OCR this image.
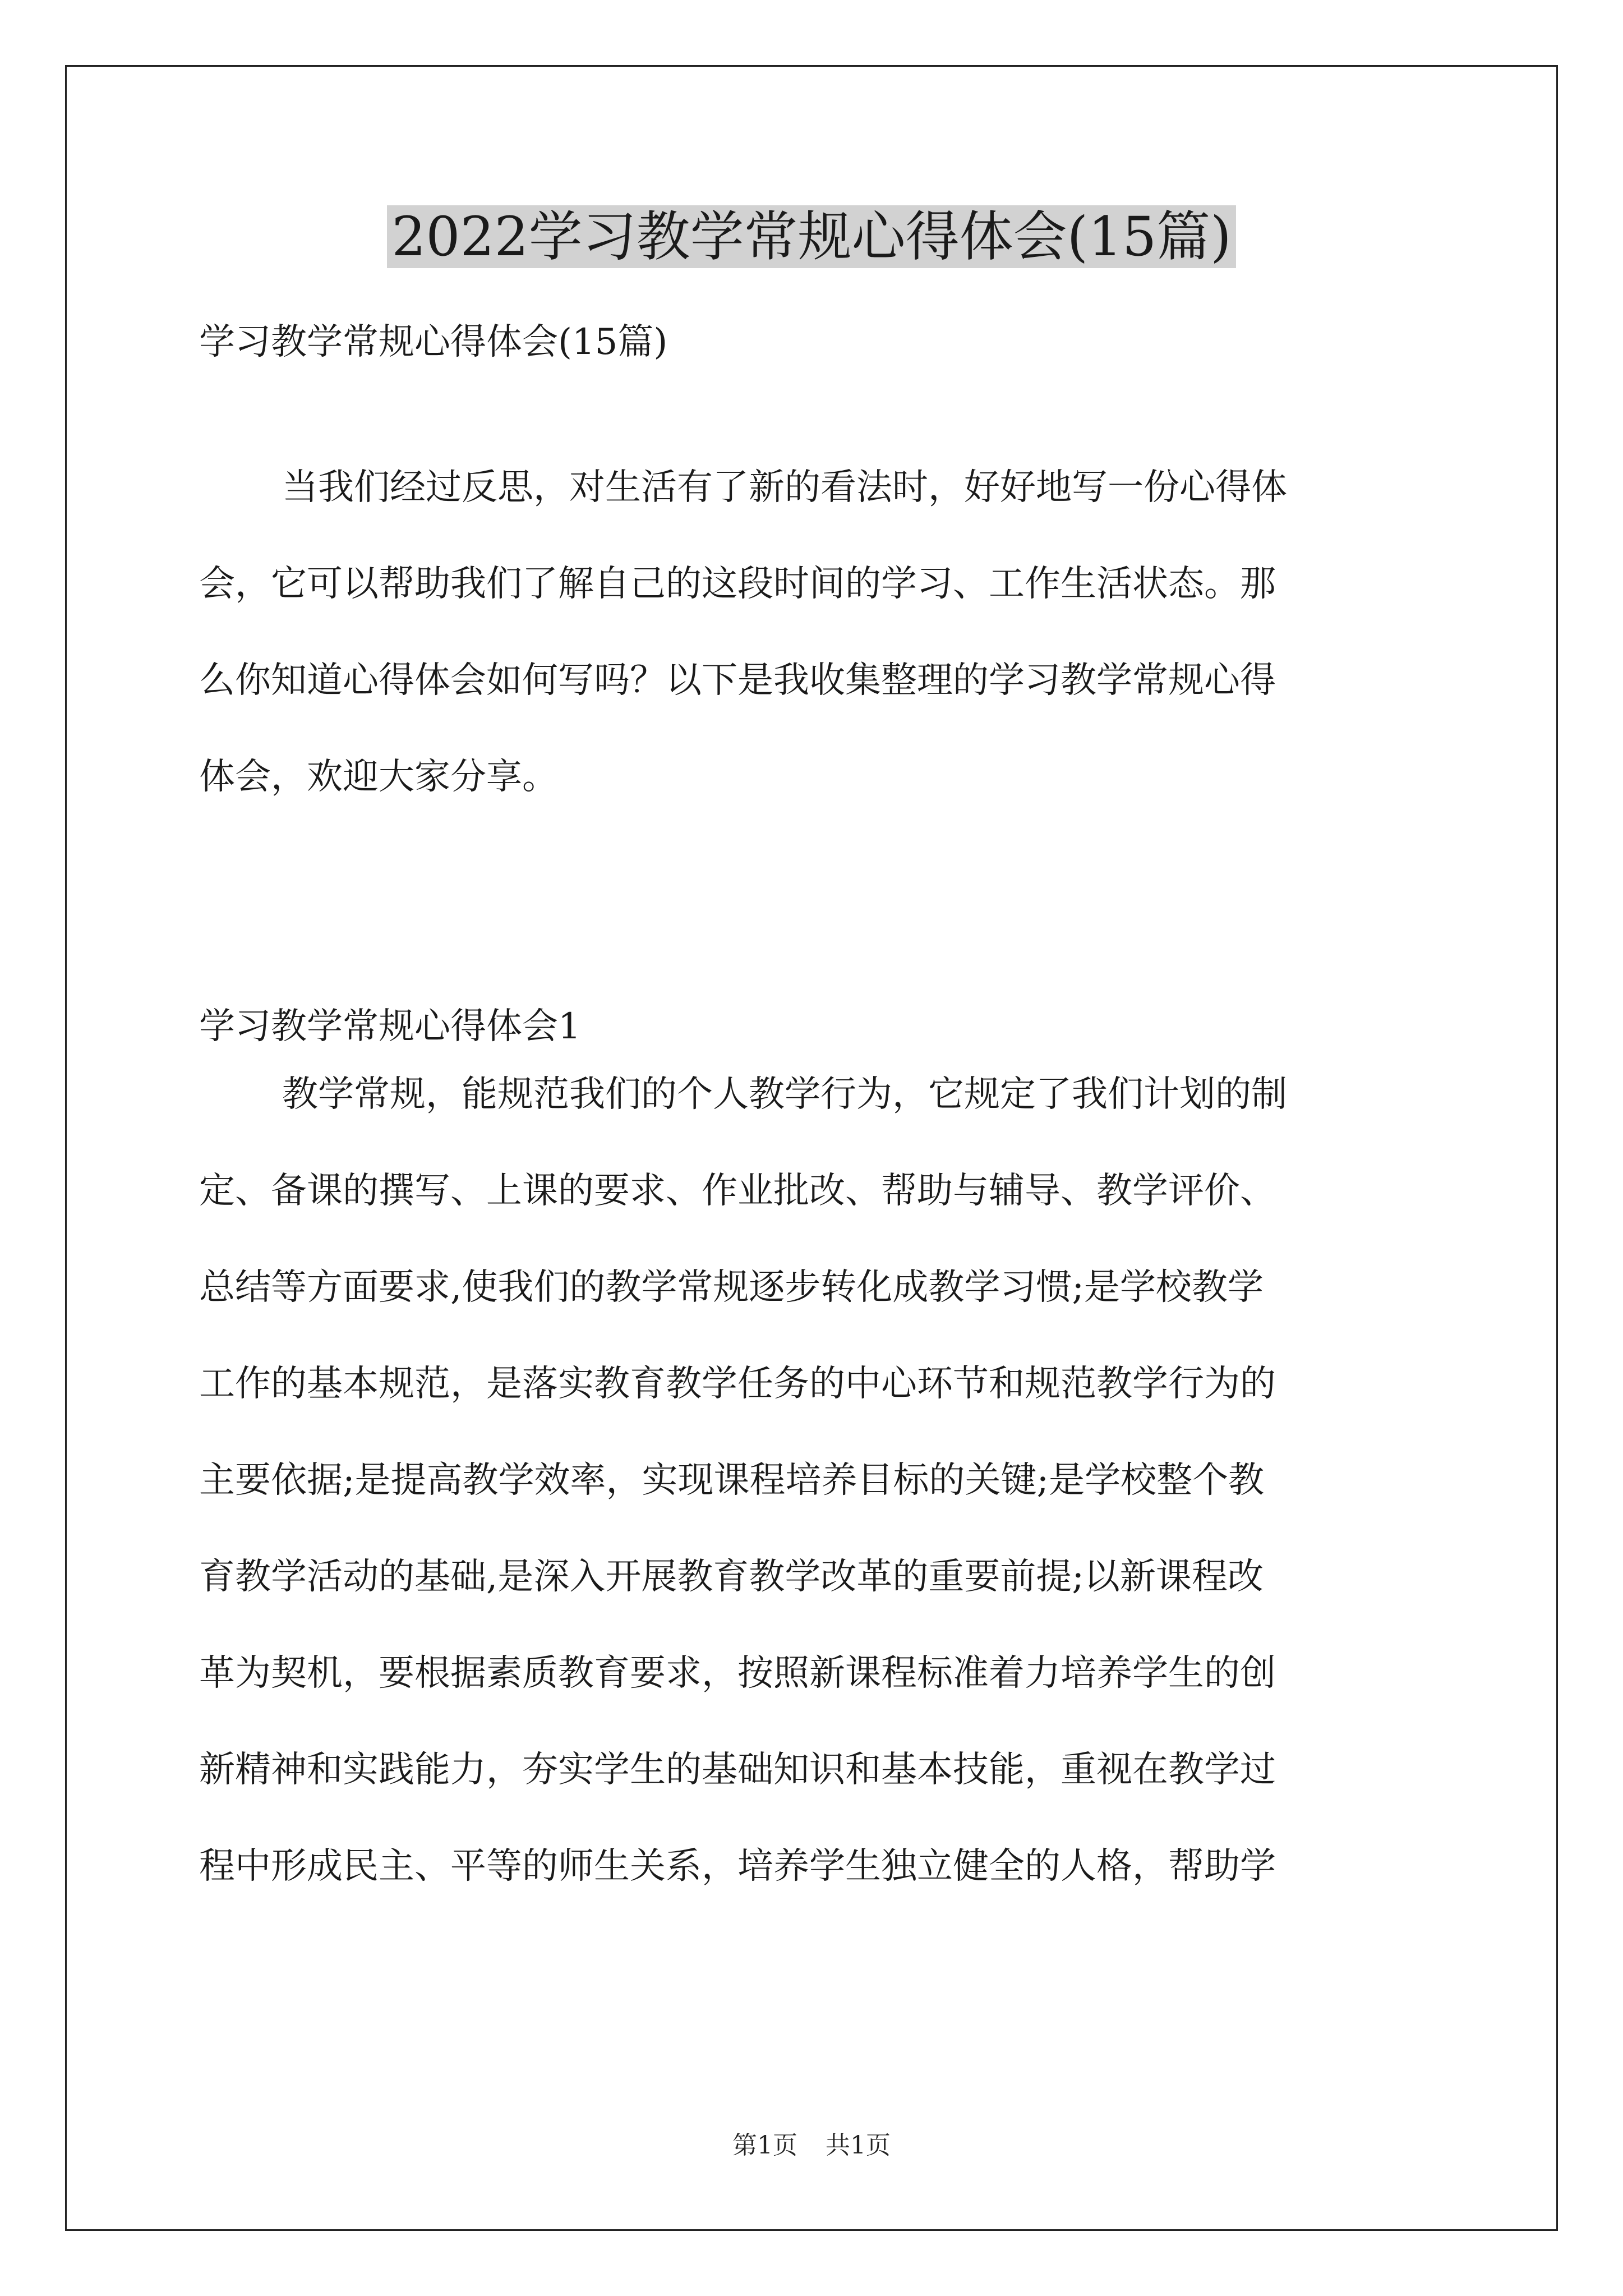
2022学习教学常规心得体会(15篇)

学习教学常规心得体会(15篇)

当我们经过反思，对生活有了新的看法时，好好地写一份心得体
会，它可以帮助我们了解自己的这段时间的学习、工作生活状态。那
么你知道心得体会如何写吗？以下是我收集整理的学习教学常规心得
体会，欢迎大家分享。

学习教学常规心得体会1

教学常规，能规范我们的个人教学行为，它规定了我们计划的制
定、备课的撰写、上课的要求、作业批改、帮助与辅导、教学评价、
总结等方面要求,使我们的教学常规逐步转化成教学习惯;是学校教学
工作的基本规范，是落实教育教学任务的中心环节和规范教学行为的
主要依据;是提高教学效率，实现课程培养目标的关键;是学校整个教
育教学活动的基础,是深入开展教育教学改革的重要前提;以新课程改
革为契机，要根据素质教育要求，按照新课程标准着力培养学生的创
新精神和实践能力，夯实学生的基础知识和基本技能，重视在教学过
程中形成民主、平等的师生关系，培养学生独立健全的人格，帮助学
第1页 共1页
